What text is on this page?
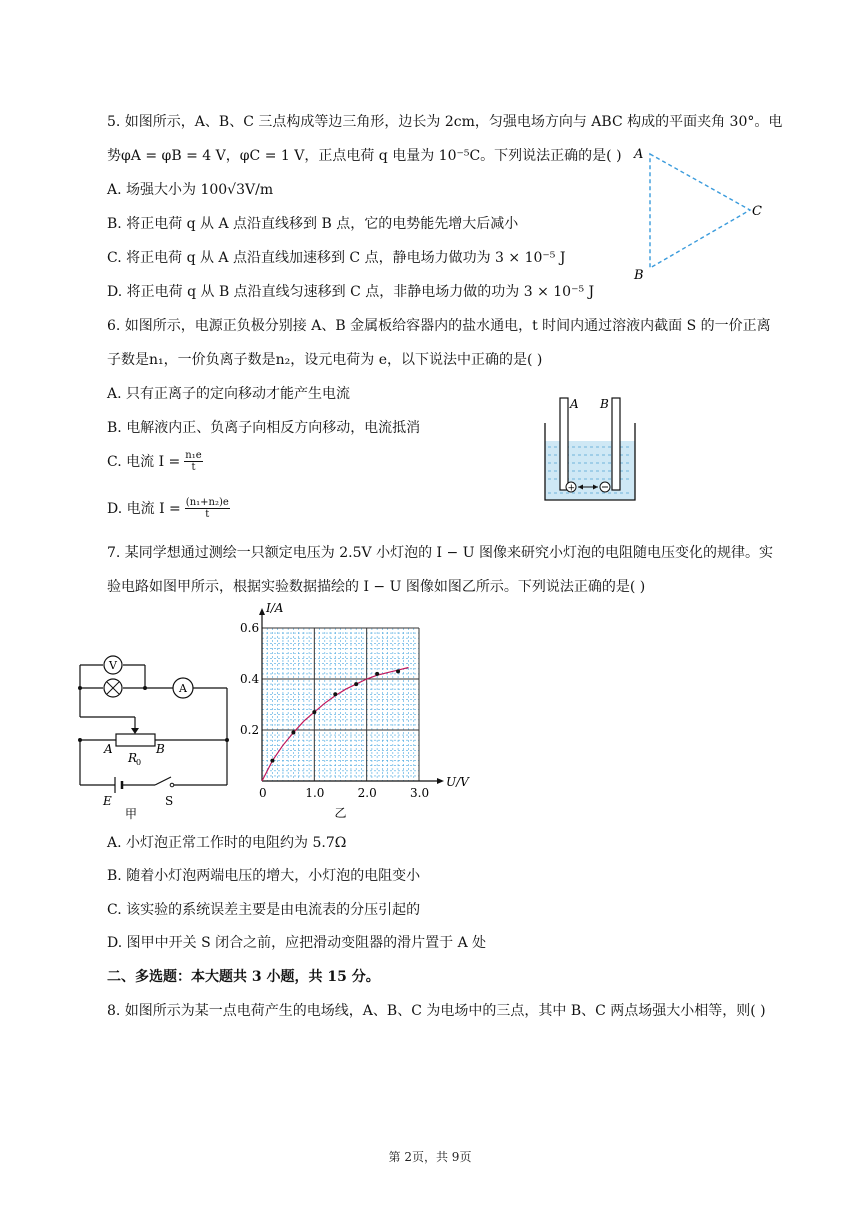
5. 如图所示，A、B、C 三点构成等边三角形，边长为 2cm，匀强电场方向与 ABC 构成的平面夹角 30°。电
势φA = φB = 4 V，φC = 1 V，正点电荷 q 电量为 10⁻⁵C。下列说法正确的是( )
A. 场强大小为 100√3V/m
B. 将正电荷 q 从 A 点沿直线移到 B 点，它的电势能先增大后减小
C. 将正电荷 q 从 A 点沿直线加速移到 C 点，静电场力做功为 3 × 10⁻⁵ J
D. 将正电荷 q 从 B 点沿直线匀速移到 C 点，非静电场力做的功为 3 × 10⁻⁵ J
A
C
B
6. 如图所示，电源正负极分别接 A、B 金属板给容器内的盐水通电，t 时间内通过溶液内截面 S 的一价正离
子数是n₁，一价负离子数是n₂，设元电荷为 e，以下说法中正确的是( )
A. 只有正离子的定向移动才能产生电流
B. 电解液内正、负离子向相反方向移动，电流抵消
C. 电流 $I = \frac{\text{n₁e}}{t}$
D. 电流 $I = \frac{\text{(n₁+n₂)e}}{t}$
A B
+
7. 某同学想通过测绘一只额定电压为 2.5V 小灯泡的 I − U 图像来研究小灯泡的电阻随电压变化的规律。实
验电路如图甲所示，根据实验数据描绘的 I − U 图像如图乙所示。下列说法正确的是( )
V
A
A	B
R
0
E	S
甲
0	1.0	2.0	3.0
0.2
0.4
0.6
I/A
U/V
乙
A. 小灯泡正常工作时的电阻约为 5.7Ω
B. 随着小灯泡两端电压的增大，小灯泡的电阻变小
C. 该实验的系统误差主要是由电流表的分压引起的
D. 图甲中开关 S 闭合之前，应把滑动变阻器的滑片置于 A 处
二、多选题：本大题共 3 小题，共 15 分。
8. 如图所示为某一点电荷产生的电场线，A、B、C 为电场中的三点，其中 B、C 两点场强大小相等，则( )
第 2页，共 9页
